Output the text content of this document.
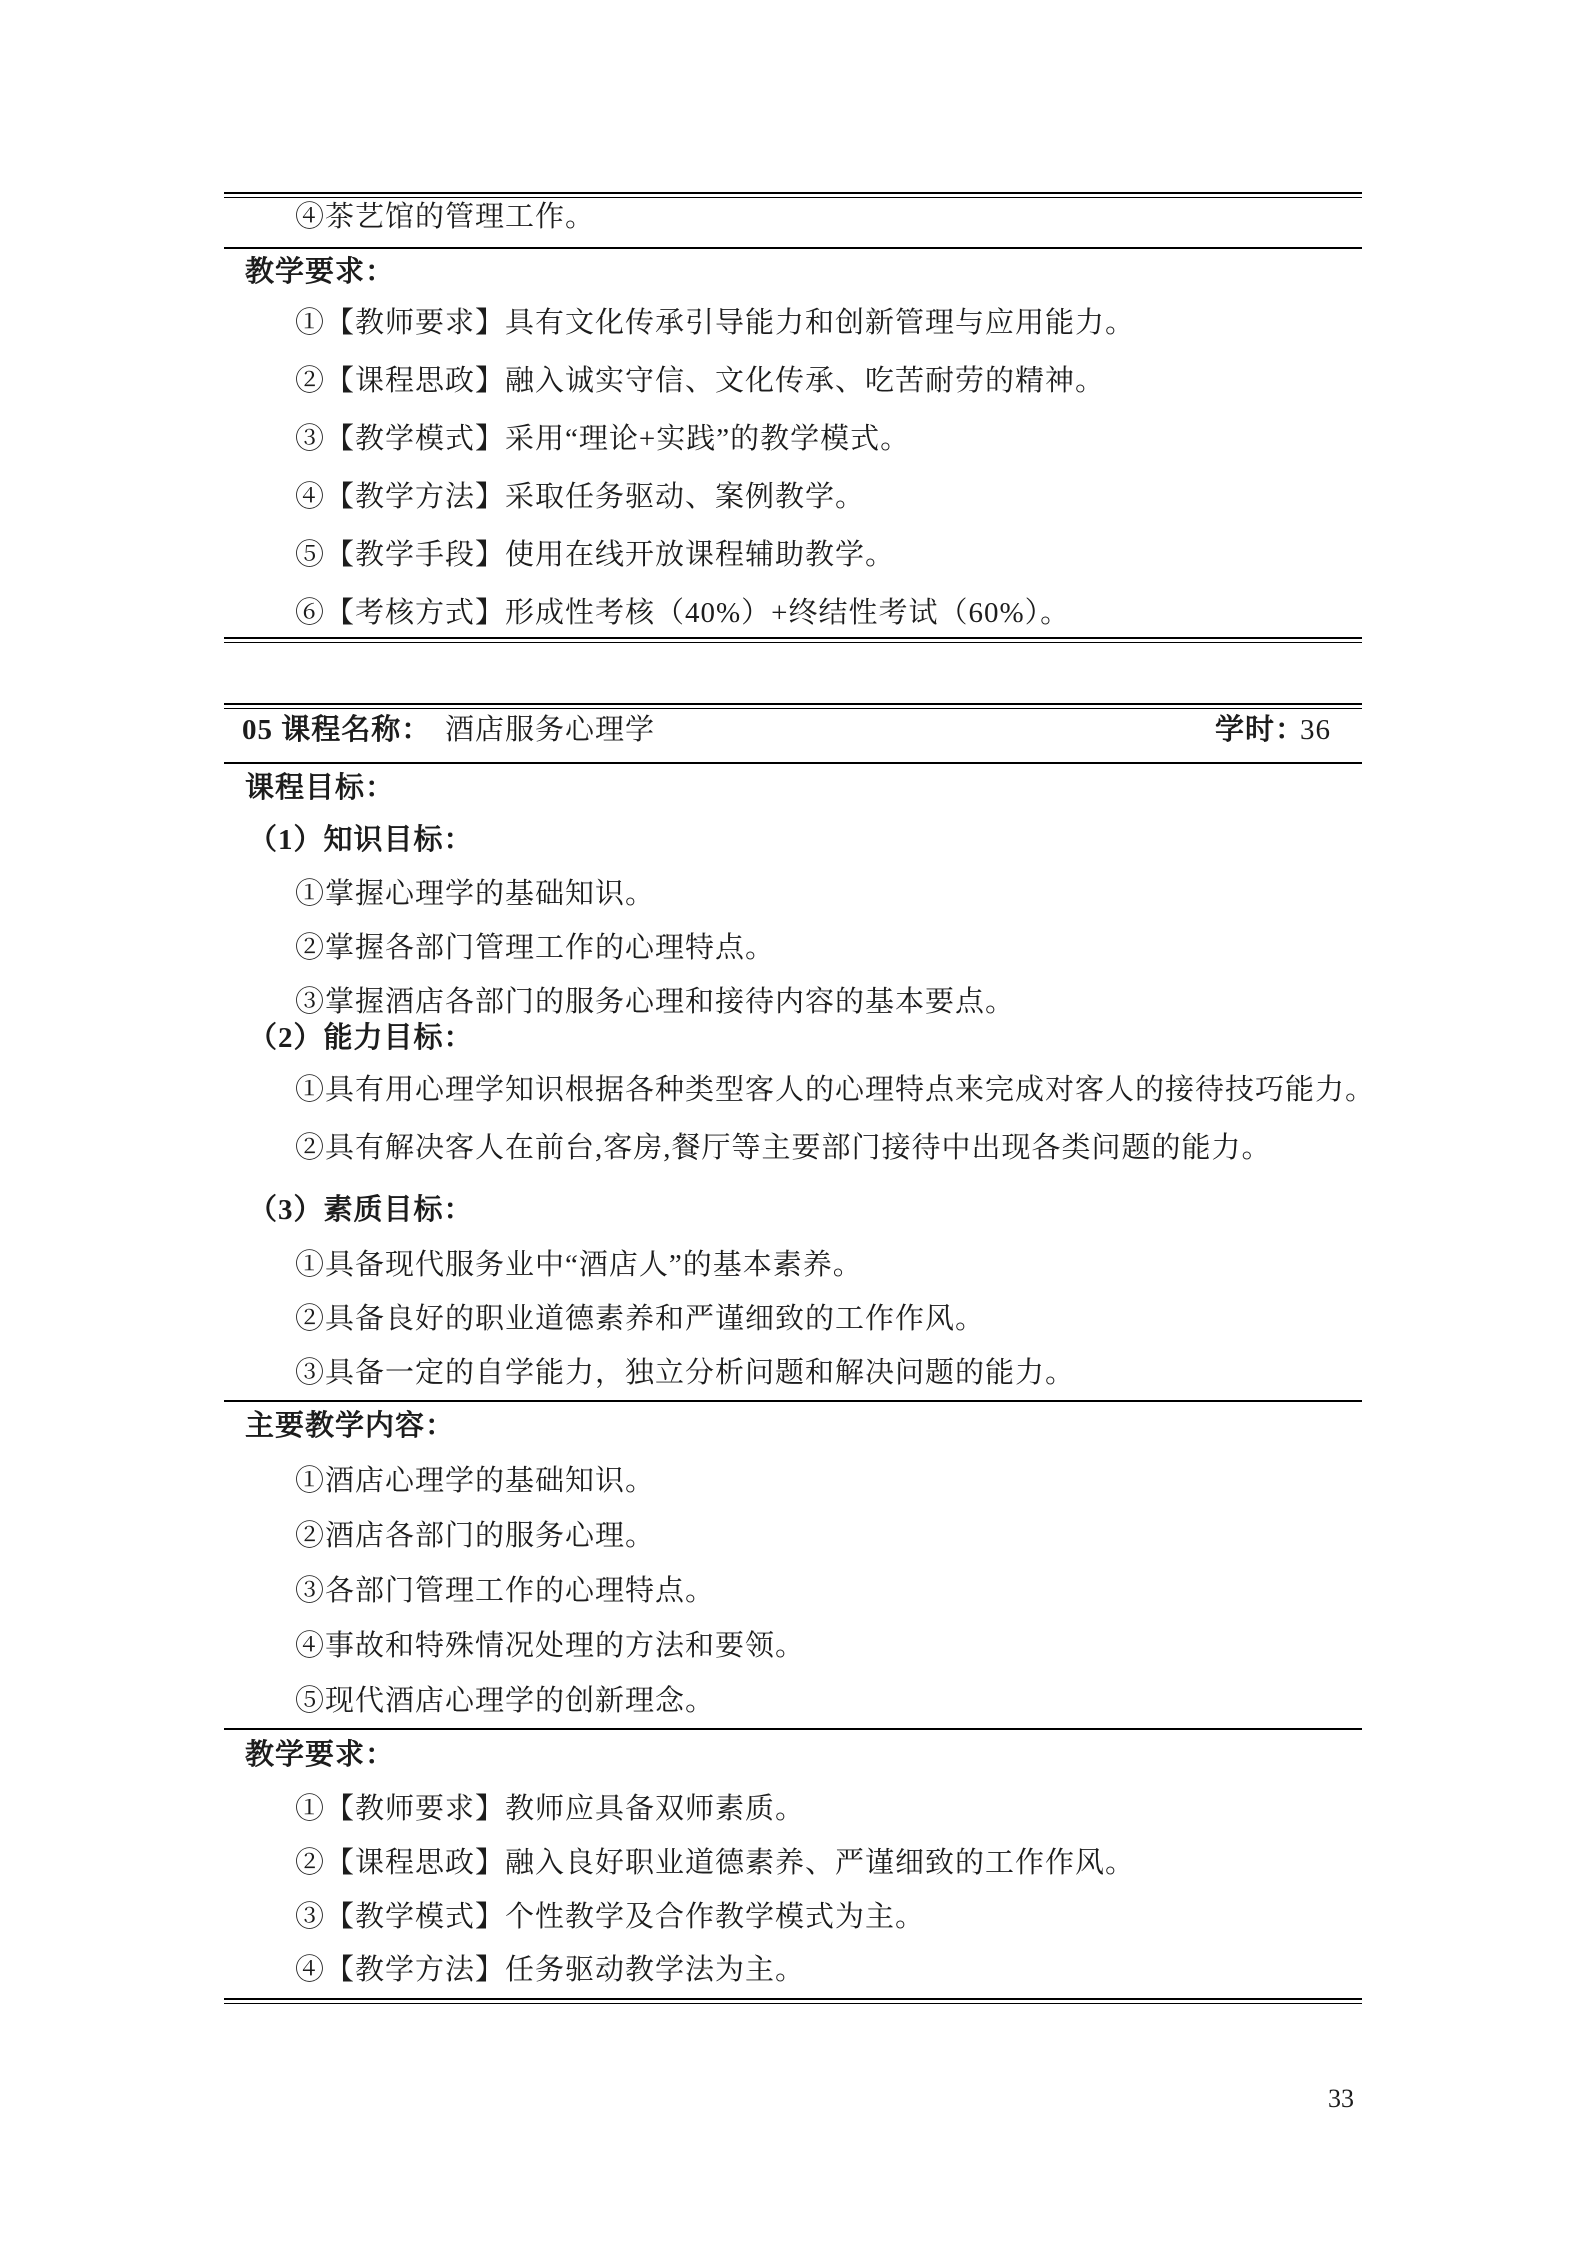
④茶艺馆的管理工作。
教学要求：
①【教师要求】具有文化传承引导能力和创新管理与应用能力。
②【课程思政】融入诚实守信、文化传承、吃苦耐劳的精神。
③【教学模式】采用“理论+实践”的教学模式。
④【教学方法】采取任务驱动、案例教学。
⑤【教学手段】使用在线开放课程辅助教学。
⑥【考核方式】形成性考核（40%）+终结性考试（60%）。
05 课程名称： 酒店服务心理学	学时：
36
课程目标：
（1）知识目标：
①掌握心理学的基础知识。
②掌握各部门管理工作的心理特点。
③掌握酒店各部门的服务心理和接待内容的基本要点。
（2）能力目标：
①具有用心理学知识根据各种类型客人的心理特点来完成对客人的接待技巧能力。
②具有解决客人在前台,客房,餐厅等主要部门接待中出现各类问题的能力。
（3）素质目标：
①具备现代服务业中“酒店人”的基本素养。
②具备良好的职业道德素养和严谨细致的工作作风。
③具备一定的自学能力，独立分析问题和解决问题的能力。
主要教学内容：
①酒店心理学的基础知识。
②酒店各部门的服务心理。
③各部门管理工作的心理特点。
④事故和特殊情况处理的方法和要领。
⑤现代酒店心理学的创新理念。
教学要求：
①【教师要求】教师应具备双师素质。
②【课程思政】融入良好职业道德素养、严谨细致的工作作风。
③【教学模式】个性教学及合作教学模式为主。
④【教学方法】任务驱动教学法为主。
33
